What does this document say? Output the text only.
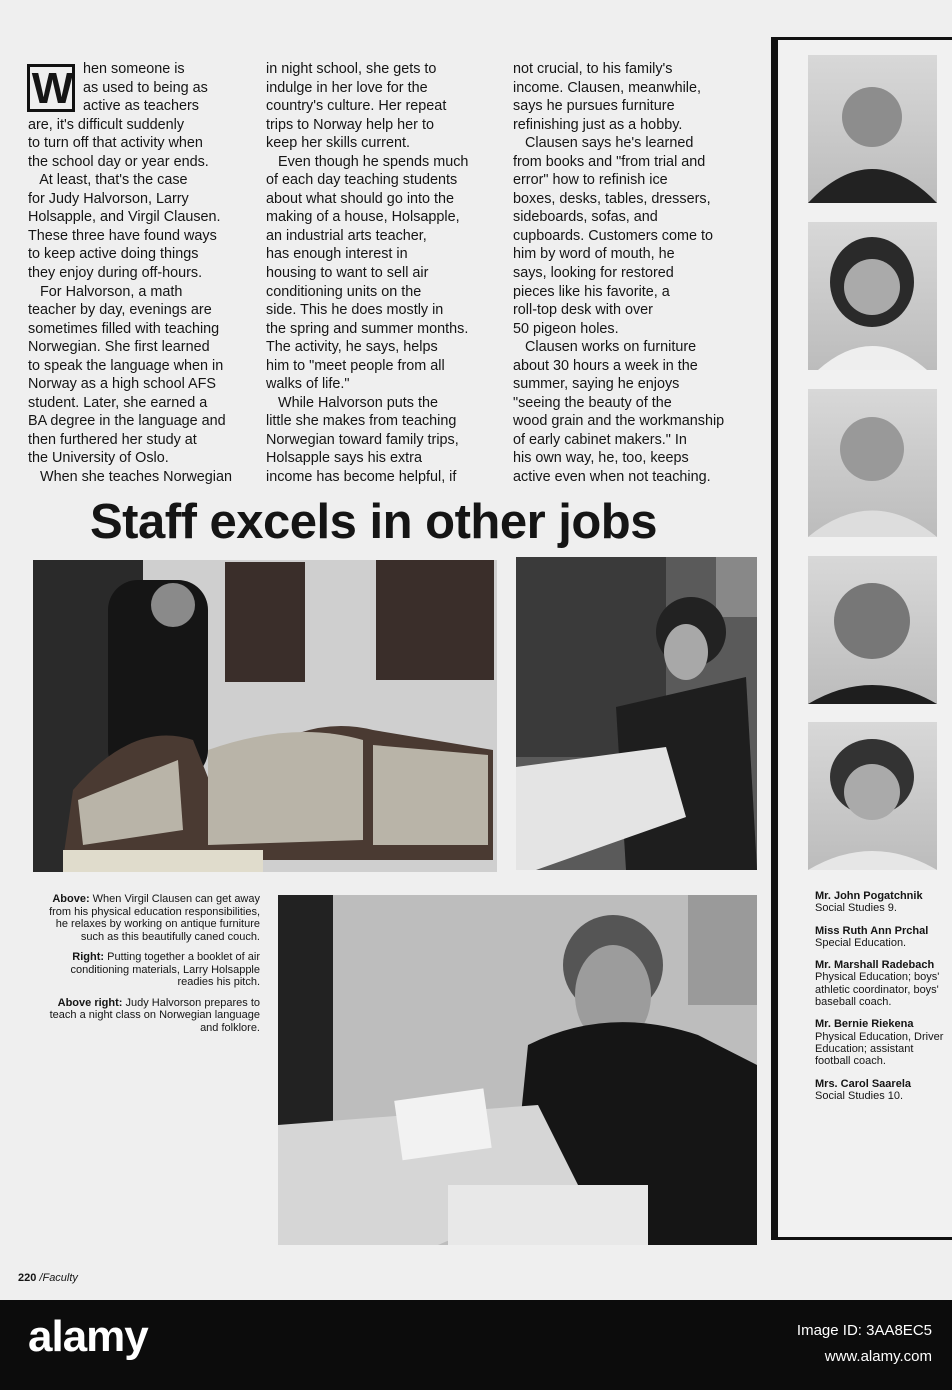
W hen someone is
as used to being as
active as teachers
are, it's difficult suddenly
to turn off that activity when
the school day or year ends.
At least, that's the case
for Judy Halvorson, Larry
Holsapple, and Virgil Clausen.
These three have found ways
to keep active doing things
they enjoy during off-hours.
For Halvorson, a math
teacher by day, evenings are
sometimes filled with teaching
Norwegian. She first learned
to speak the language when in
Norway as a high school AFS
student. Later, she earned a
BA degree in the language and
then furthered her study at
the University of Oslo.
When she teaches Norwegian
in night school, she gets to
indulge in her love for the
country's culture. Her repeat
trips to Norway help her to
keep her skills current.
Even though he spends much
of each day teaching students
about what should go into the
making of a house, Holsapple,
an industrial arts teacher,
has enough interest in
housing to want to sell air
conditioning units on the
side. This he does mostly in
the spring and summer months.
The activity, he says, helps
him to "meet people from all
walks of life."
While Halvorson puts the
little she makes from teaching
Norwegian toward family trips,
Holsapple says his extra
income has become helpful, if
not crucial, to his family's
income. Clausen, meanwhile,
says he pursues furniture
refinishing just as a hobby.
Clausen says he's learned
from books and "from trial and
error" how to refinish ice
boxes, desks, tables, dressers,
sideboards, sofas, and
cupboards. Customers come to
him by word of mouth, he
says, looking for restored
pieces like his favorite, a
roll-top desk with over
50 pigeon holes.
Clausen works on furniture
about 30 hours a week in the
summer, saying he enjoys
"seeing the beauty of the
wood grain and the workmanship
of early cabinet makers." In
his own way, he, too, keeps
active even when not teaching.
Staff excels in other jobs

Above: When Virgil Clausen can get away from his physical education responsibilities, he relaxes by working on antique furniture such as this beautifully caned couch.

Right: Putting together a booklet of air conditioning materials, Larry Holsapple readies his pitch.

Above right: Judy Halvorson prepares to teach a night class on Norwegian language and folklore.

Mr. John Pogatchnik
Social Studies 9.
Miss Ruth Ann Prchal
Special Education.
Mr. Marshall Radebach
Physical Education; boys' athletic coordinator, boys' baseball coach.
Mr. Bernie Riekena
Physical Education, Driver Education; assistant football coach.
Mrs. Carol Saarela
Social Studies 10.
220 /Faculty
alamy	Image ID: 3AA8EC5
www.alamy.com
